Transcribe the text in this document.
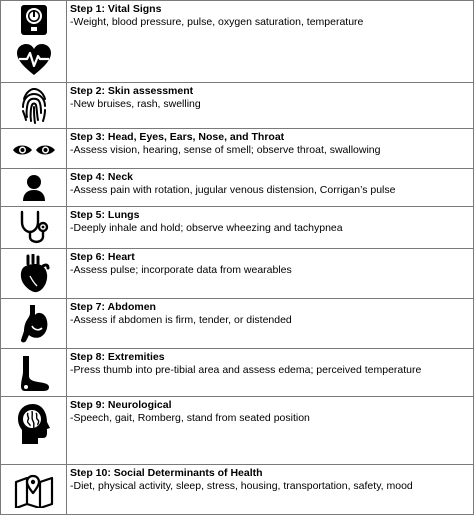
Step 1: Vital Signs
-Weight, blood pressure, pulse, oxygen saturation, temperature
Step 2: Skin assessment
-New bruises, rash, swelling
Step 3: Head, Eyes, Ears, Nose, and Throat
-Assess vision, hearing, sense of smell; observe throat, swallowing
Step 4: Neck
-Assess pain with rotation, jugular venous distension, Corrigan’s pulse
Step 5: Lungs
-Deeply inhale and hold; observe wheezing and tachypnea
Step 6: Heart
-Assess pulse; incorporate data from wearables
Step 7: Abdomen
-Assess if abdomen is firm, tender, or distended
Step 8: Extremities
-Press thumb into pre-tibial area and assess edema; perceived temperature
Step 9: Neurological
-Speech, gait, Romberg, stand from seated position
Step 10: Social Determinants of Health
-Diet, physical activity, sleep, stress, housing, transportation, safety, mood
